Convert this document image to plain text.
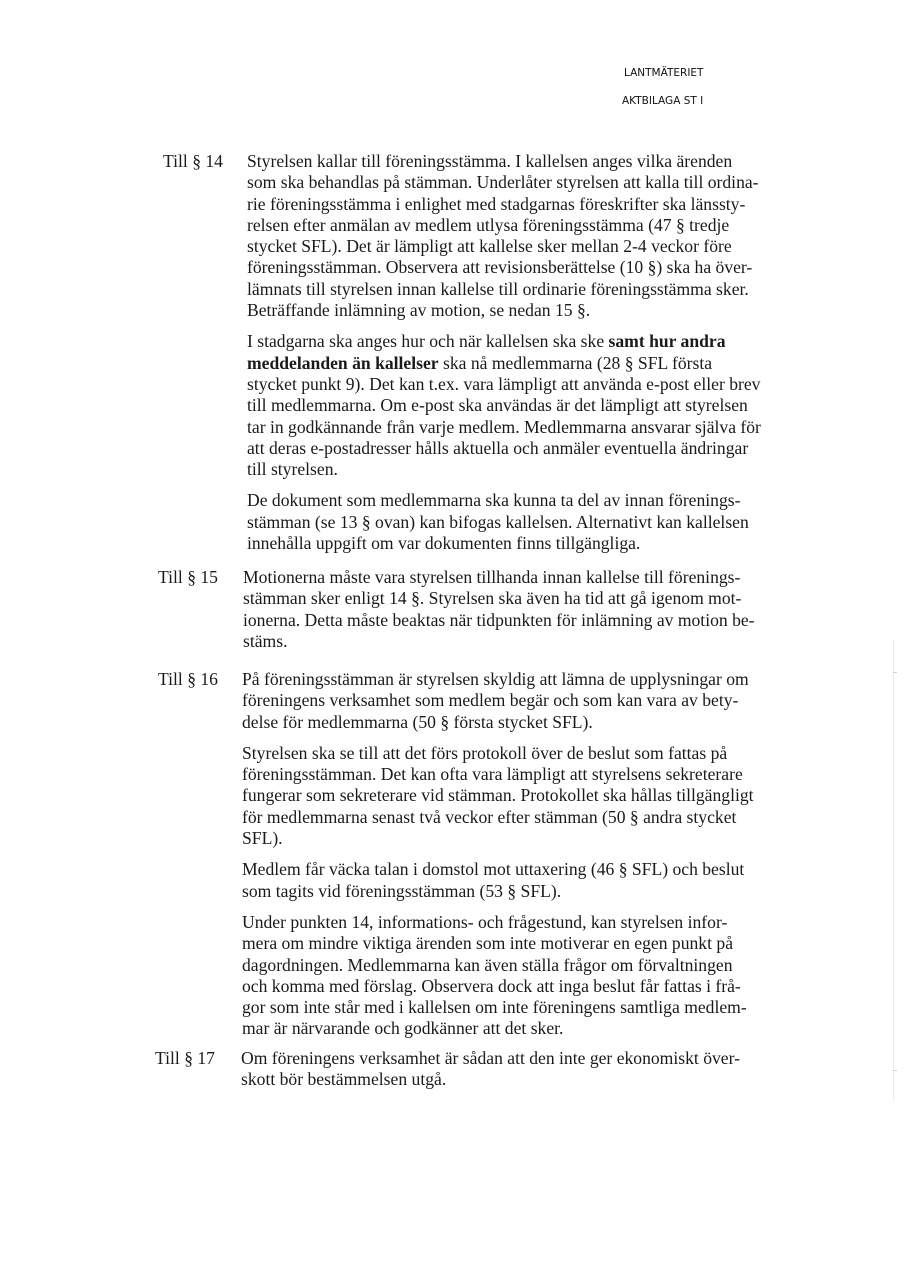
LANTMÄTERIET
AKTBILAGA ST I
Till § 14 Styrelsen kallar till föreningsstämma. I kallelsen anges vilka ärenden
som ska behandlas på stämman. Underlåter styrelsen att kalla till ordina-
rie föreningsstämma i enlighet med stadgarnas föreskrifter ska länssty-
relsen efter anmälan av medlem utlysa föreningsstämma (47 § tredje
stycket SFL). Det är lämpligt att kallelse sker mellan 2-4 veckor före
föreningsstämman. Observera att revisionsberättelse (10 §) ska ha över-
lämnats till styrelsen innan kallelse till ordinarie föreningsstämma sker.
Beträffande inlämning av motion, se nedan 15 §.
I stadgarna ska anges hur och när kallelsen ska ske samt hur andra
meddelanden än kallelser ska nå medlemmarna (28 § SFL första
stycket punkt 9). Det kan t.ex. vara lämpligt att använda e-post eller brev
till medlemmarna. Om e-post ska användas är det lämpligt att styrelsen
tar in godkännande från varje medlem. Medlemmarna ansvarar själva för
att deras e-postadresser hålls aktuella och anmäler eventuella ändringar
till styrelsen.
De dokument som medlemmarna ska kunna ta del av innan förenings-
stämman (se 13 § ovan) kan bifogas kallelsen. Alternativt kan kallelsen
innehålla uppgift om var dokumenten finns tillgängliga.
Till § 15 Motionerna måste vara styrelsen tillhanda innan kallelse till förenings-
stämman sker enligt 14 §. Styrelsen ska även ha tid att gå igenom mot-
ionerna. Detta måste beaktas när tidpunkten för inlämning av motion be-
stäms.
Till § 16 På föreningsstämman är styrelsen skyldig att lämna de upplysningar om
föreningens verksamhet som medlem begär och som kan vara av bety-
delse för medlemmarna (50 § första stycket SFL).
Styrelsen ska se till att det förs protokoll över de beslut som fattas på
föreningsstämman. Det kan ofta vara lämpligt att styrelsens sekreterare
fungerar som sekreterare vid stämman. Protokollet ska hållas tillgängligt
för medlemmarna senast två veckor efter stämman (50 § andra stycket
SFL).
Medlem får väcka talan i domstol mot uttaxering (46 § SFL) och beslut
som tagits vid föreningsstämman (53 § SFL).
Under punkten 14, informations- och frågestund, kan styrelsen infor-
mera om mindre viktiga ärenden som inte motiverar en egen punkt på
dagordningen. Medlemmarna kan även ställa frågor om förvaltningen
och komma med förslag. Observera dock att inga beslut får fattas i frå-
gor som inte står med i kallelsen om inte föreningens samtliga medlem-
mar är närvarande och godkänner att det sker.
Till § 17 Om föreningens verksamhet är sådan att den inte ger ekonomiskt över-
skott bör bestämmelsen utgå.
